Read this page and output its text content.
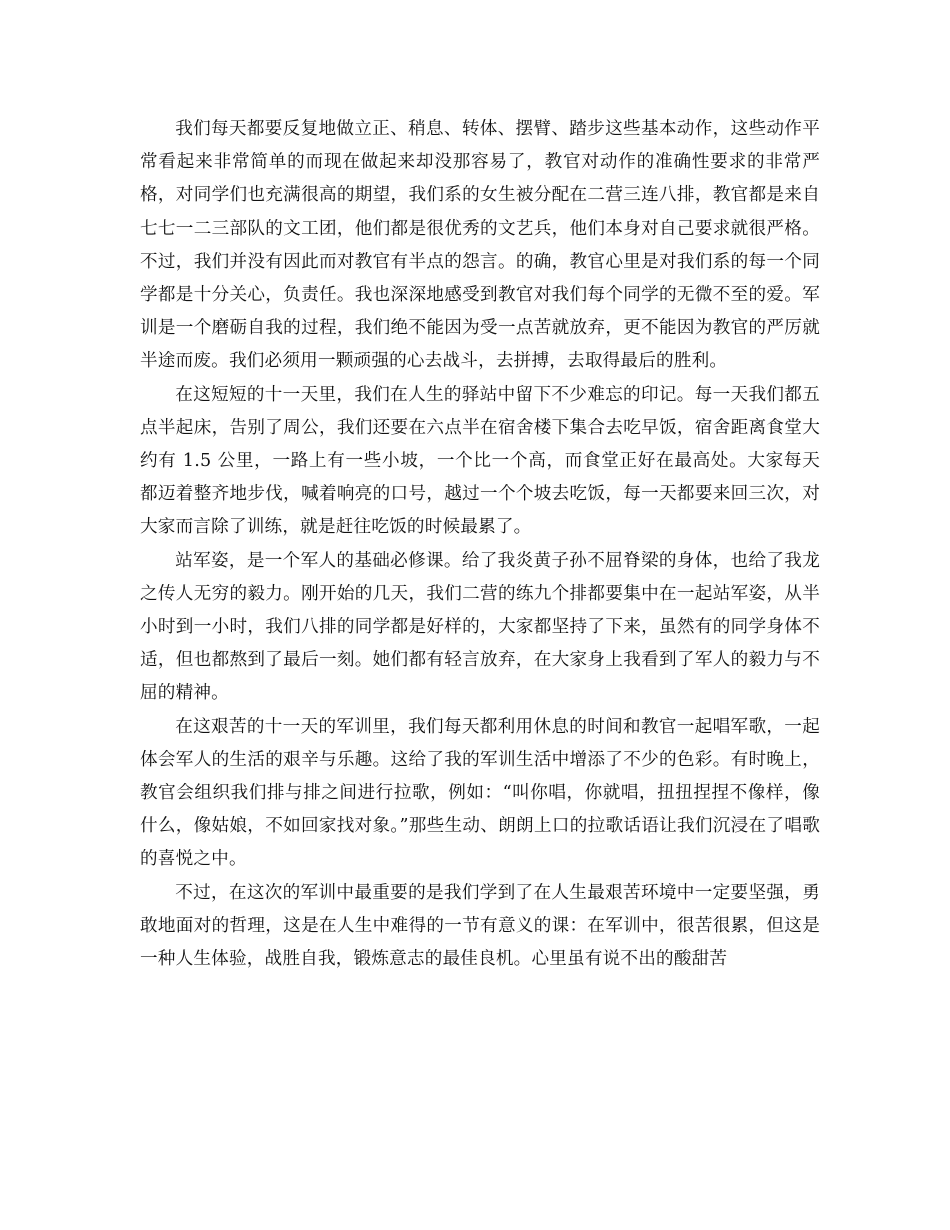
我们每天都要反复地做立正、稍息、转体、摆臂、踏步这些基本动作，这些动作平常看起来非常简单的而现在做起来却没那容易了，教官对动作的准确性要求的非常严格，对同学们也充满很高的期望，我们系的女生被分配在二营三连八排，教官都是来自七七一二三部队的文工团，他们都是很优秀的文艺兵，他们本身对自己要求就很严格。不过，我们并没有因此而对教官有半点的怨言。的确，教官心里是对我们系的每一个同学都是十分关心，负责任。我也深深地感受到教官对我们每个同学的无微不至的爱。军训是一个磨砺自我的过程，我们绝不能因为受一点苦就放弃，更不能因为教官的严厉就半途而废。我们必须用一颗顽强的心去战斗，去拼搏，去取得最后的胜利。

在这短短的十一天里，我们在人生的驿站中留下不少难忘的印记。每一天我们都五点半起床，告别了周公，我们还要在六点半在宿舍楼下集合去吃早饭，宿舍距离食堂大约有 1.5 公里，一路上有一些小坡，一个比一个高，而食堂正好在最高处。大家每天都迈着整齐地步伐，喊着响亮的口号，越过一个个坡去吃饭，每一天都要来回三次，对大家而言除了训练，就是赶往吃饭的时候最累了。

站军姿，是一个军人的基础必修课。给了我炎黄子孙不屈脊梁的身体，也给了我龙之传人无穷的毅力。刚开始的几天，我们二营的练九个排都要集中在一起站军姿，从半小时到一小时，我们八排的同学都是好样的，大家都坚持了下来，虽然有的同学身体不适，但也都熬到了最后一刻。她们都有轻言放弃，在大家身上我看到了军人的毅力与不屈的精神。

在这艰苦的十一天的军训里，我们每天都利用休息的时间和教官一起唱军歌，一起体会军人的生活的艰辛与乐趣。这给了我的军训生活中增添了不少的色彩。有时晚上，教官会组织我们排与排之间进行拉歌，例如：“叫你唱，你就唱，扭扭捏捏不像样，像什么，像姑娘，不如回家找对象。”那些生动、朗朗上口的拉歌话语让我们沉浸在了唱歌的喜悦之中。

不过，在这次的军训中最重要的是我们学到了在人生最艰苦环境中一定要坚强，勇敢地面对的哲理，这是在人生中难得的一节有意义的课：在军训中，很苦很累，但这是一种人生体验，战胜自我，锻炼意志的最佳良机。心里虽有说不出的酸甜苦
